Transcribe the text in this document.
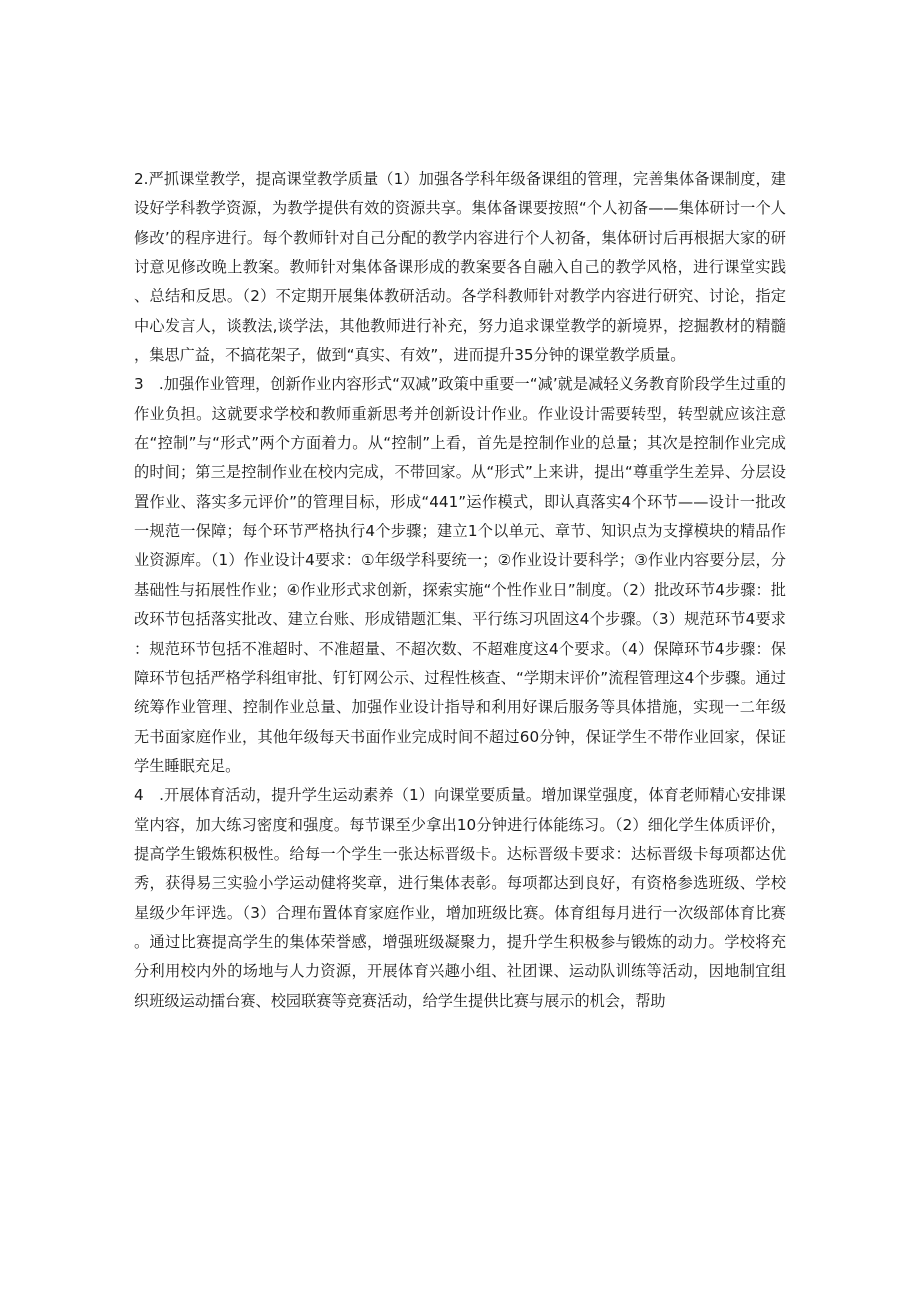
2.严抓课堂教学，提高课堂教学质量（1）加强各学科年级备课组的管理，完善集体备课制度，建设好学科教学资源，为教学提供有效的资源共享。集体备课要按照“个人初备——集体研讨一个人修改’的程序进行。每个教师针对自己分配的教学内容进行个人初备，集体研讨后再根据大家的研讨意见修改晚上教案。教师针对集体备课形成的教案要各自融入自己的教学风格，进行课堂实践、总结和反思。（2）不定期开展集体教研活动。各学科教师针对教学内容进行研究、讨论，指定中心发言人，谈教法,谈学法，其他教师进行补充，努力追求课堂教学的新境界，挖掘教材的精髓，集思广益，不搞花架子，做到“真实、有效”，进而提升35分钟的课堂教学质量。

3　.加强作业管理，创新作业内容形式“双减”政策中重要一“减’就是减轻义务教育阶段学生过重的作业负担。这就要求学校和教师重新思考并创新设计作业。作业设计需要转型，转型就应该注意在“控制”与“形式”两个方面着力。从“控制”上看，首先是控制作业的总量；其次是控制作业完成的时间；第三是控制作业在校内完成，不带回家。从“形式”上来讲，提出“尊重学生差异、分层设置作业、落实多元评价”的管理目标，形成“441”运作模式，即认真落实4个环节——设计一批改一规范一保障；每个环节严格执行4个步骤；建立1个以单元、章节、知识点为支撑模块的精品作业资源库。（1）作业设计4要求：①年级学科要统一；②作业设计要科学；③作业内容要分层，分基础性与拓展性作业；④作业形式求创新，探索实施“个性作业日”制度。（2）批改环节4步骤：批改环节包括落实批改、建立台账、形成错题汇集、平行练习巩固这4个步骤。（3）规范环节4要求：规范环节包括不准超时、不准超量、不超次数、不超难度这4个要求。（4）保障环节4步骤：保障环节包括严格学科组审批、钉钉网公示、过程性核查、“学期末评价”流程管理这4个步骤。通过统筹作业管理、控制作业总量、加强作业设计指导和利用好课后服务等具体措施，实现一二年级无书面家庭作业，其他年级每天书面作业完成时间不超过60分钟，保证学生不带作业回家，保证学生睡眠充足。

4　.开展体育活动，提升学生运动素养（1）向课堂要质量。增加课堂强度，体育老师精心安排课堂内容，加大练习密度和强度。每节课至少拿出10分钟进行体能练习。（2）细化学生体质评价，提高学生锻炼积极性。给每一个学生一张达标晋级卡。达标晋级卡要求：达标晋级卡每项都达优秀，获得易三实验小学运动健将奖章，进行集体表彰。每项都达到良好，有资格参选班级、学校星级少年评选。（3）合理布置体育家庭作业，增加班级比赛。体育组每月进行一次级部体育比赛。通过比赛提高学生的集体荣誉感，增强班级凝聚力，提升学生积极参与锻炼的动力。学校将充分利用校内外的场地与人力资源，开展体育兴趣小组、社团课、运动队训练等活动，因地制宜组织班级运动擂台赛、校园联赛等竞赛活动，给学生提供比赛与展示的机会，帮助
